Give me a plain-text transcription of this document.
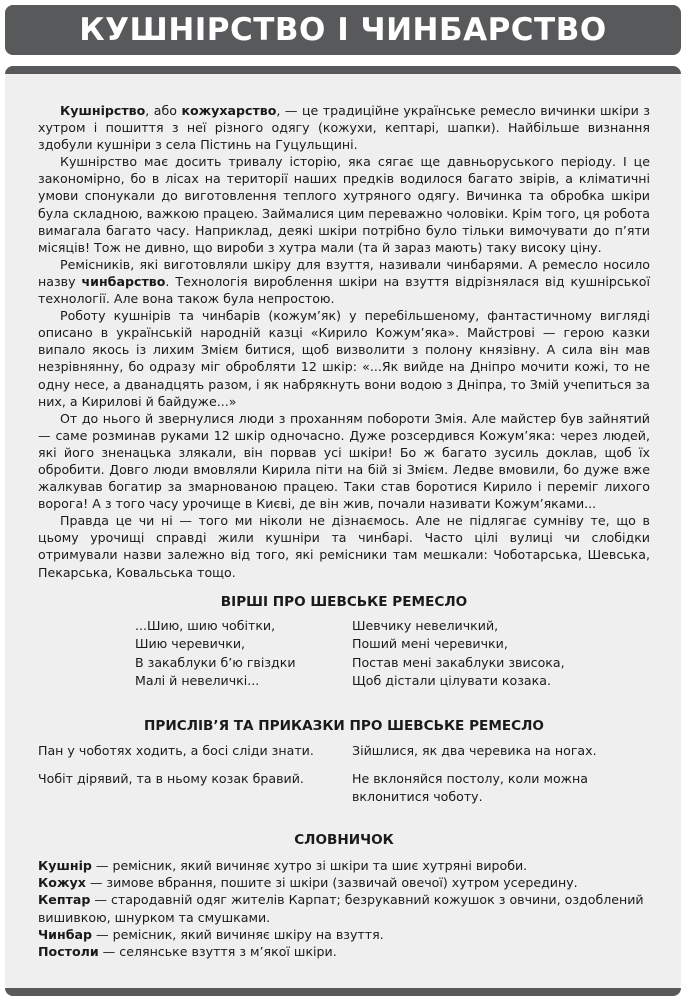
КУШНІРСТВО І ЧИНБАРСТВО

Кушнірство, або кожухарство, — це традиційне українське ремесло вичинки шкіри з хутром і пошиття з неї різного одягу (кожухи, кептарі, шапки). Найбільше визнання здобули кушніри з села Пістинь на Гуцульщині.

Кушнірство має досить тривалу історію, яка сягає ще давньоруського періоду. І це закономірно, бо в лісах на території наших предків водилося багато звірів, а кліматичні умови спонукали до виготовлення теплого хутряного одягу. Вичинка та обробка шкіри була складною, важкою працею. Займалися цим переважно чоловіки. Крім того, ця робота вимагала багато часу. Наприклад, деякі шкіри потрібно було тільки вимочувати до п’яти місяців! Тож не дивно, що вироби з хутра мали (та й зараз мають) таку високу ціну.

Ремісників, які виготовляли шкіру для взуття, називали чинбарями. А ремесло носило назву чинбарство. Технологія вироблення шкіри на взуття відрізнялася від кушнірської технології. Але вона також була непростою.

Роботу кушнірів та чинбарів (кожум’як) у перебільшеному, фантастичному вигляді описано в українській народній казці «Кирило Кожум’яка». Майстрові — герою казки випало якось із лихим Змієм битися, щоб визволити з полону князівну. А сила він мав незрівнянну, бо одразу міг обробляти 12 шкір: «...Як вийде на Дніпро мочити кожі, то не одну несе, а дванадцять разом, і як набрякнуть вони водою з Дніпра, то Змій учепиться за них, а Кирилові й байдуже...»

От до нього й звернулися люди з проханням побороти Змія. Але майстер був зайнятий — саме розминав руками 12 шкір одночасно. Дуже розсердився Кожум’яка: через людей, які його зненацька злякали, він порвав усі шкіри! Бо ж багато зусиль доклав, щоб їх обробити. Довго люди вмовляли Кирила піти на бій зі Змієм. Ледве вмовили, бо дуже вже жалкував богатир за змарнованою працею. Таки став боротися Кирило і переміг лихого ворога! А з того часу урочище в Києві, де він жив, почали називати Кожум’яками...

Правда це чи ні — того ми ніколи не дізнаємось. Але не підлягає сумніву те, що в цьому урочищі справді жили кушніри та чинбарі. Часто цілі вулиці чи слобідки отримували назви залежно від того, які ремісники там мешкали: Чоботарська, Шевська, Пекарська, Ковальська тощо.

ВІРШІ ПРО ШЕВСЬКЕ РЕМЕСЛО
...Шию, шию чобітки,
Шию черевички,
В закаблуки б’ю гвіздки
Малі й невеличкі...
Шевчику невеличкий,
Поший мені черевички,
Постав мені закаблуки звисока,
Щоб дістали цілувати козака.
ПРИСЛІВ’Я ТА ПРИКАЗКИ ПРО ШЕВСЬКЕ РЕМЕСЛО
Пан у чоботях ходить, а босі сліди знати.	Зійшлися, як два черевика на ногах.
Чобіт дірявий, та в ньому козак бравий.	Не вклоняйся постолу, коли можна вклонитися чоботу.
СЛОВНИЧОК

Кушнір — ремісник, який вичиняє хутро зі шкіри та шиє хутряні вироби.

Кожух — зимове вбрання, пошите зі шкіри (зазвичай овечої) хутром усередину.

Кептар — стародавній одяг жителів Карпат; безрукавний кожушок з овчини, оздоблений вишивкою, шнурком та смушками.

Чинбар — ремісник, який вичиняє шкіру на взуття.

Постоли — селянське взуття з м’якої шкіри.
